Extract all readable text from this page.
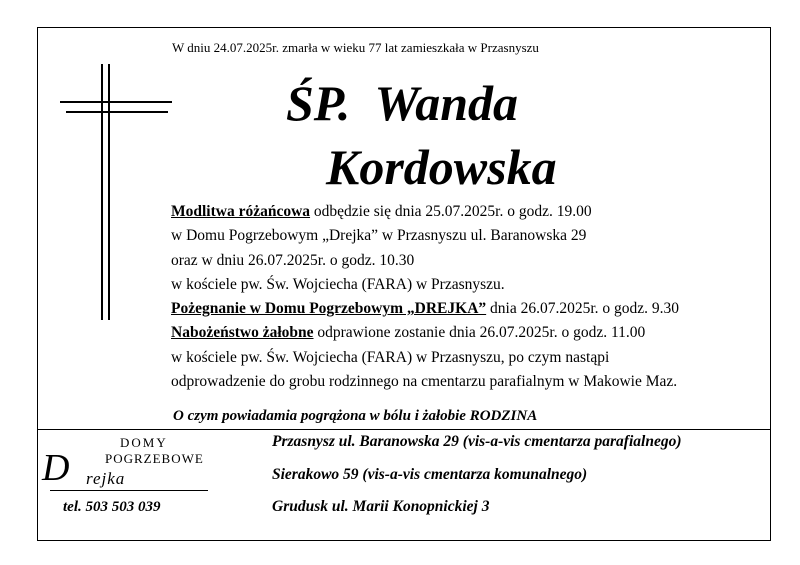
W dniu 24.07.2025r. zmarła w wieku 77 lat zamieszkała w Przasnyszu
ŚP.  Wanda
Kordowska
Modlitwa różańcowa odbędzie się dnia 25.07.2025r. o godz. 19.00
w Domu Pogrzebowym „Drejka” w Przasnyszu ul. Baranowska 29
oraz w dniu 26.07.2025r. o godz. 10.30
w kościele pw. Św. Wojciecha (FARA) w Przasnyszu.
Pożegnanie w Domu Pogrzebowym „DREJKA” dnia 26.07.2025r. o godz. 9.30
Nabożeństwo żałobne odprawione zostanie dnia 26.07.2025r. o godz. 11.00
w kościele pw. Św. Wojciecha (FARA) w Przasnyszu, po czym nastąpi
odprowadzenie do grobu rodzinnego na cmentarzu parafialnym w Makowie Maz.
O czym powiadamia pogrążona w bólu i żałobie RODZINA
DOMY
POGRZEBOWE
D rejka
tel. 503 503 039
Przasnysz ul. Baranowska 29 (vis-a-vis cmentarza parafialnego)
Sierakowo 59 (vis-a-vis cmentarza komunalnego)
Grudusk ul. Marii Konopnickiej 3
